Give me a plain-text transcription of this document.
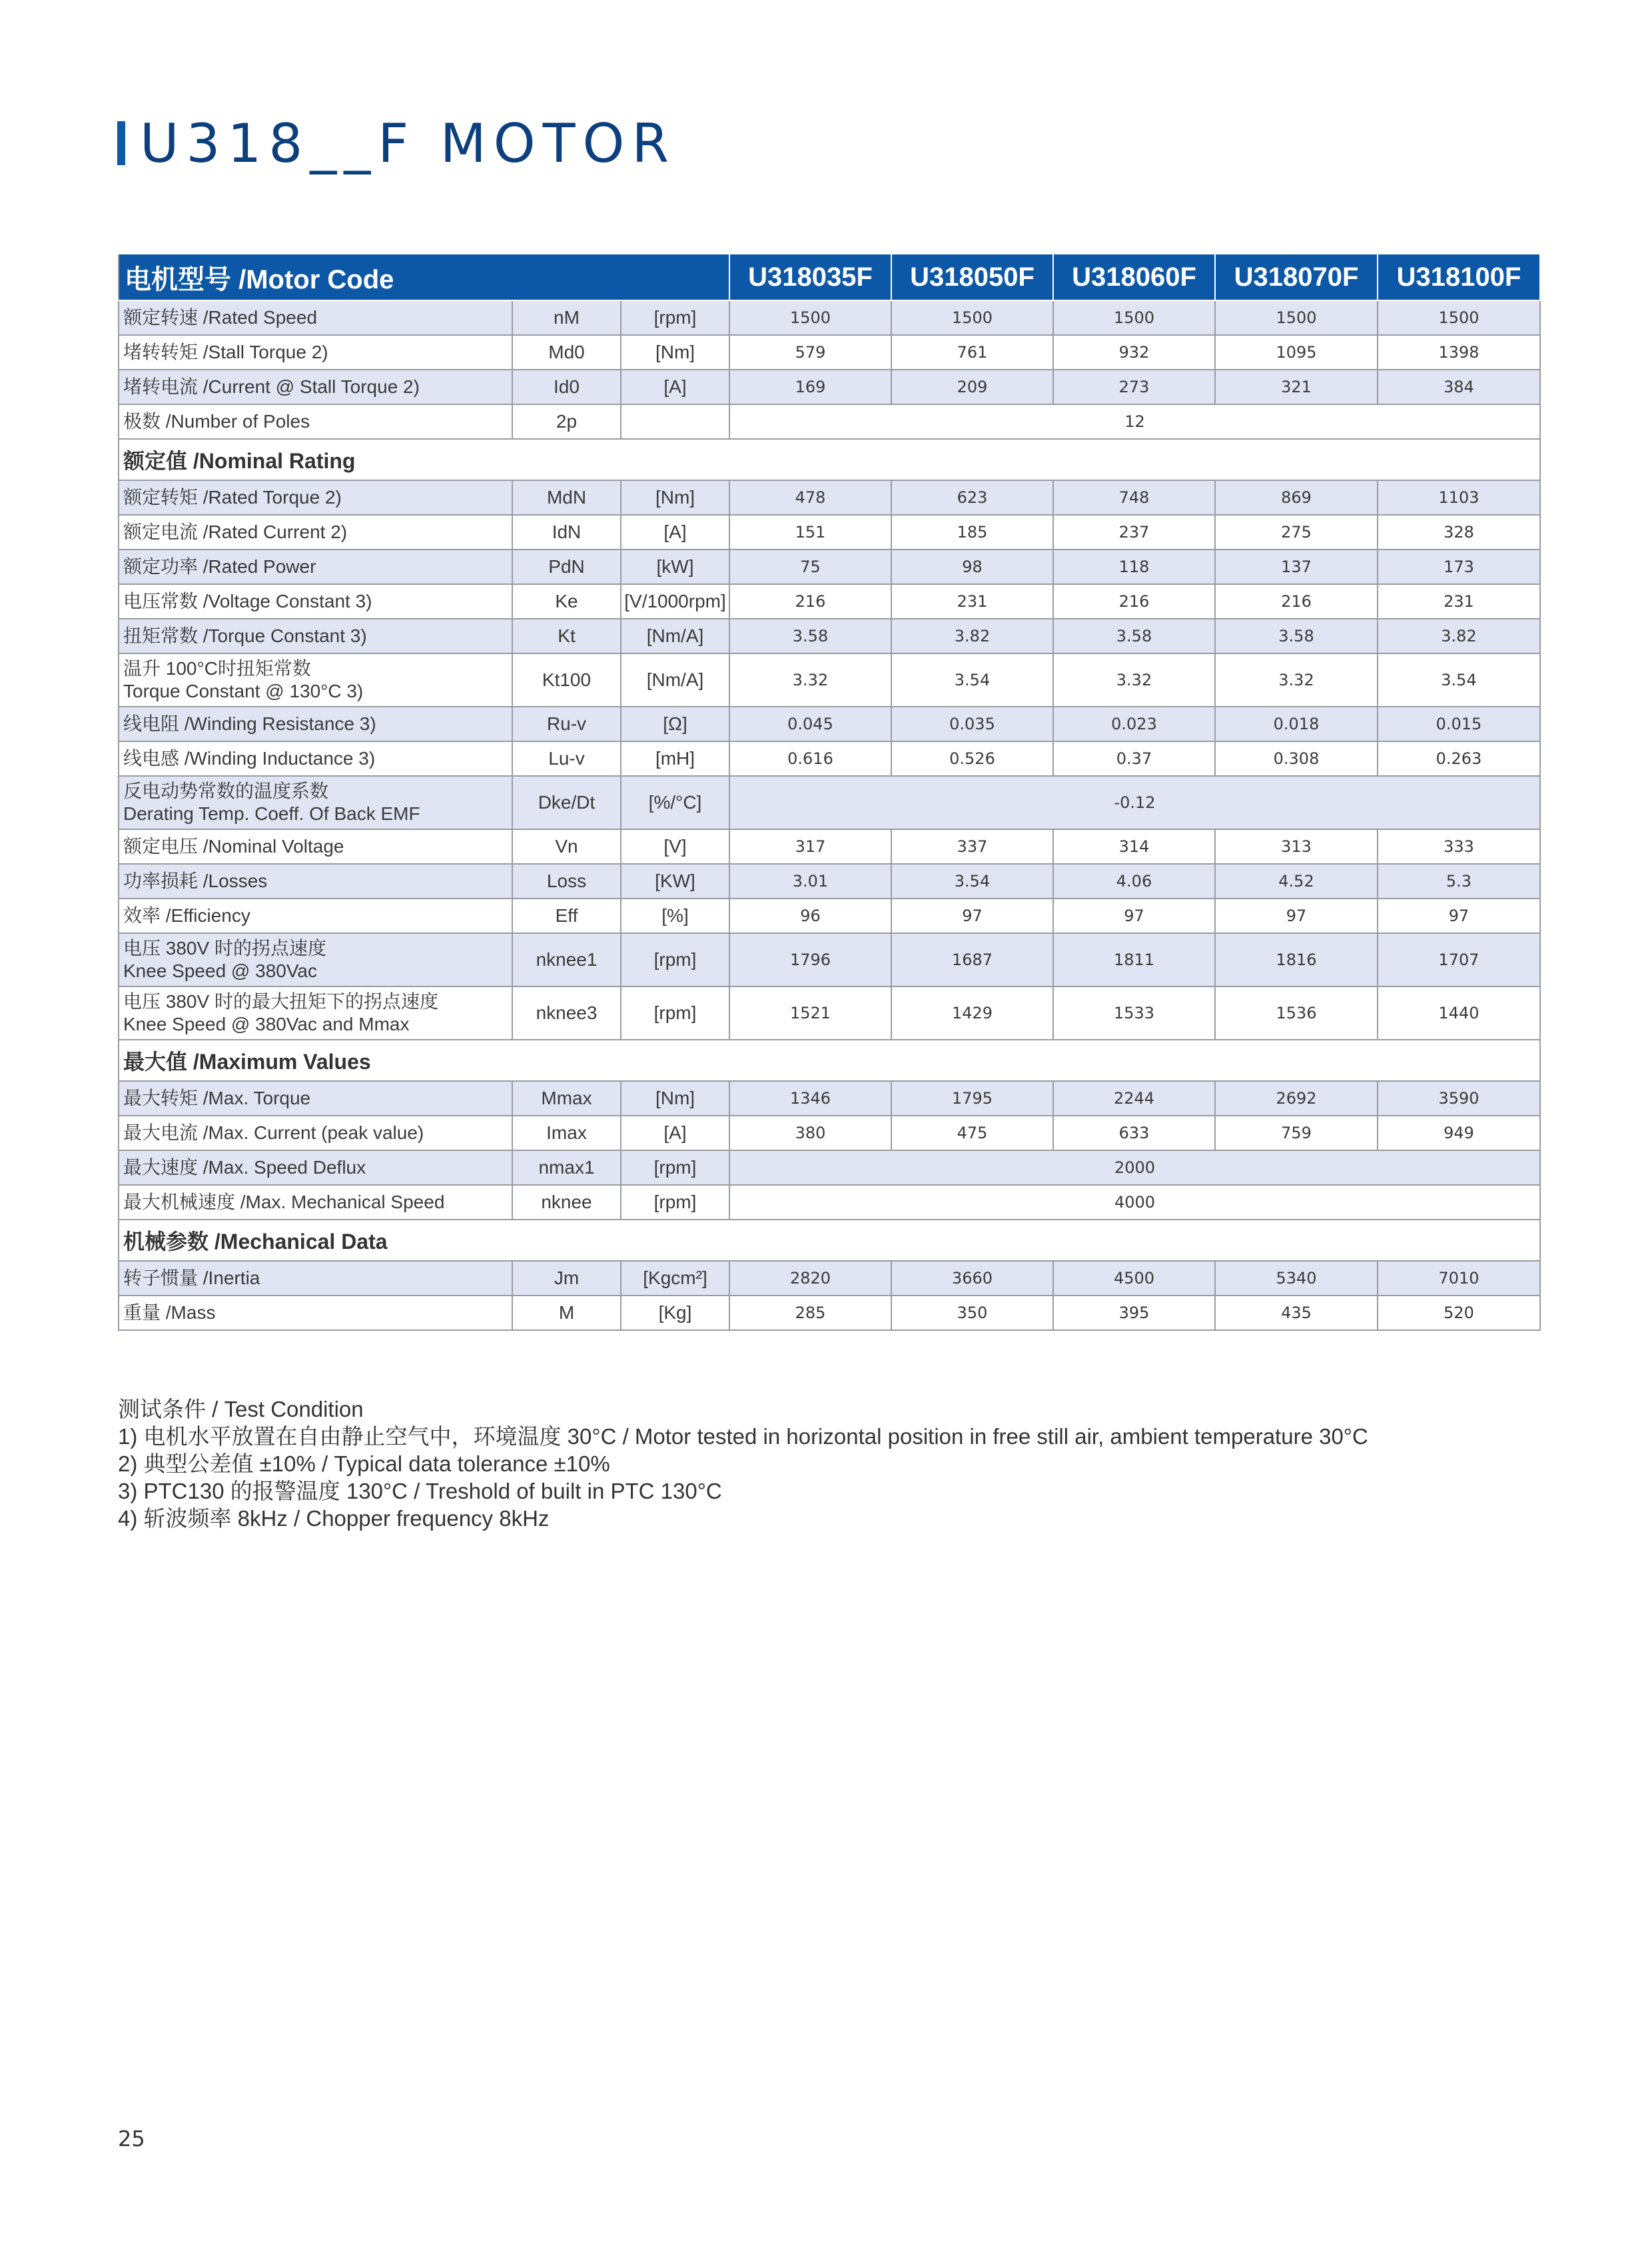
U318__F MOTOR
电机型号 /Motor Code			U318035F	U318050F	U318060F	U318070F	U318100F

额定转速 /Rated Speed	nM	[rpm]	1500	1500	1500	1500	1500

堵转转矩 /Stall Torque 2)	Md0	[Nm]	579	761	932	1095	1398

堵转电流 /Current @ Stall Torque 2)	Id0	[A]	169	209	273	321	384

极数 /Number of Poles	2p		12				
额定值 /Nominal Rating							

额定转矩 /Rated Torque 2)	MdN	[Nm]	478	623	748	869	1103

额定电流 /Rated Current 2)	IdN	[A]	151	185	237	275	328

额定功率 /Rated Power	PdN	[kW]	75	98	118	137	173

电压常数 /Voltage Constant 3)	Ke	[V/1000rpm]	216	231	216	216	231

扭矩常数 /Torque Constant 3)	Kt	[Nm/A]	3.58	3.82	3.58	3.58	3.82

温升 100°C时扭矩常数
Torque Constant @ 130°C 3)	Kt100	[Nm/A]	3.32	3.54	3.32	3.32	3.54

线电阻 /Winding Resistance 3)	Ru-v	[Ω]	0.045	0.035	0.023	0.018	0.015

线电感 /Winding Inductance 3)	Lu-v	[mH]	0.616	0.526	0.37	0.308	0.263

反电动势常数的温度系数
Derating Temp. Coeff. Of Back EMF	Dke/Dt	[%/°C]	-0.12				

额定电压 /Nominal Voltage	Vn	[V]	317	337	314	313	333

功率损耗 /Losses	Loss	[KW]	3.01	3.54	4.06	4.52	5.3

效率 /Efficiency	Eff	[%]	96	97	97	97	97

电压 380V 时的拐点速度
Knee Speed @ 380Vac	nknee1	[rpm]	1796	1687	1811	1816	1707

电压 380V 时的最大扭矩下的拐点速度
Knee Speed @ 380Vac and Mmax	nknee3	[rpm]	1521	1429	1533	1536	1440
最大值 /Maximum Values							

最大转矩 /Max. Torque	Mmax	[Nm]	1346	1795	2244	2692	3590

最大电流 /Max. Current (peak value)	Imax	[A]	380	475	633	759	949

最大速度 /Max. Speed Deflux	nmax1	[rpm]	2000				

最大机械速度 /Max. Mechanical Speed	nknee	[rpm]	4000				
机械参数 /Mechanical Data							

转子惯量 /Inertia	Jm	[Kgcm²]	2820	3660	4500	5340	7010

重量 /Mass	M	[Kg]	285	350	395	435	520
测试条件 / Test Condition
1) 电机水平放置在自由静止空气中，环境温度 30°C / Motor tested in horizontal position in free still air, ambient temperature 30°C
2) 典型公差值 ±10% / Typical data tolerance ±10%
3) PTC130 的报警温度 130°C / Treshold of built in PTC 130°C
4) 斩波频率 8kHz / Chopper frequency 8kHz
25
